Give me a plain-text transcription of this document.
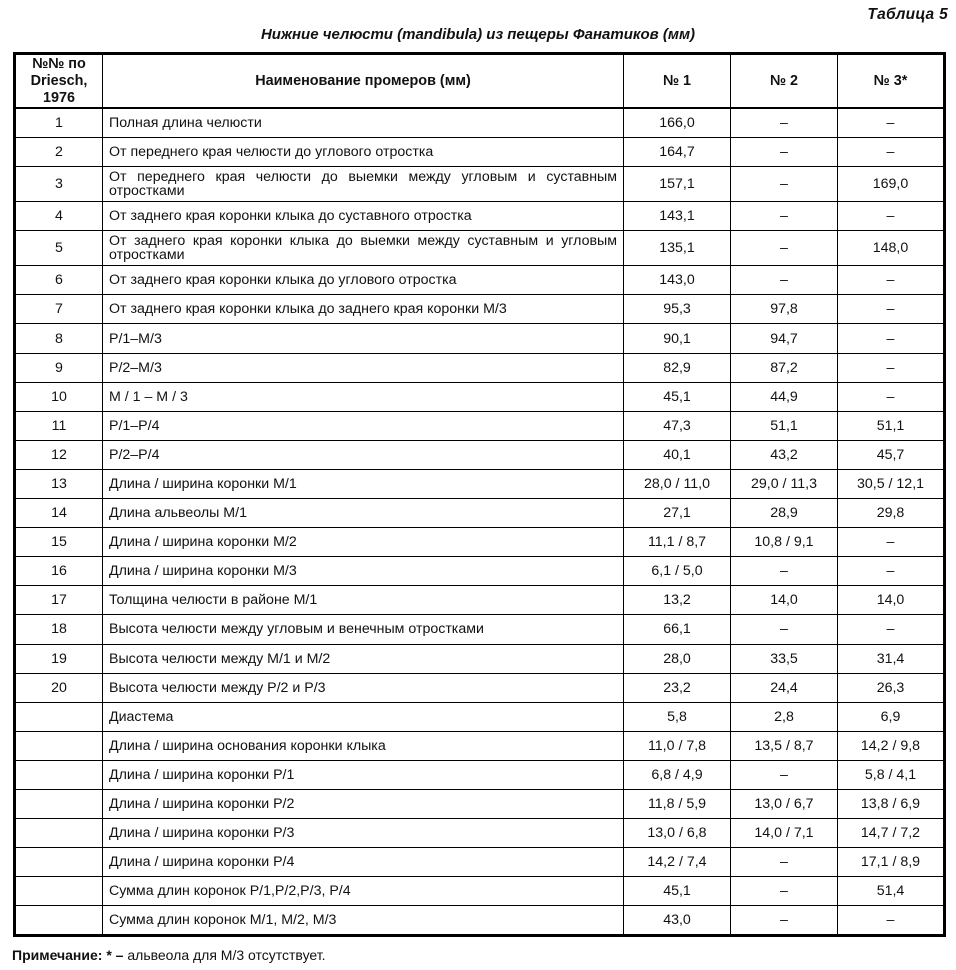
Таблица 5
Нижние челюсти (mandibula) из пещеры Фанатиков (мм)
№№ по Driesch, 1976	Наименование промеров (мм)	№ 1	№ 2	№ 3*
1	Полная длина челюсти	166,0	–	–
2	От переднего края челюсти до углового отростка	164,7	–	–
3	От переднего края челюсти до выемки между угловым и суставным отростками	157,1	–	169,0
4	От заднего края коронки клыка до суставного отростка	143,1	–	–
5	От заднего края коронки клыка до выемки между суставным и угловым отростками	135,1	–	148,0
6	От заднего края коронки клыка до углового отростка	143,0	–	–
7	От заднего края коронки клыка до заднего края коронки M/3	95,3	97,8	–
8	P/1–M/3	90,1	94,7	–
9	P/2–M/3	82,9	87,2	–
10	M / 1 – M / 3	45,1	44,9	–
11	P/1–P/4	47,3	51,1	51,1
12	P/2–P/4	40,1	43,2	45,7
13	Длина / ширина коронки M/1	28,0 / 11,0	29,0 / 11,3	30,5 / 12,1
14	Длина альвеолы M/1	27,1	28,9	29,8
15	Длина / ширина коронки M/2	11,1 / 8,7	10,8 / 9,1	–
16	Длина / ширина коронки M/3	6,1 / 5,0	–	–
17	Толщина челюсти в районе M/1	13,2	14,0	14,0
18	Высота челюсти между угловым и венечным отростками	66,1	–	–
19	Высота челюсти между M/1 и M/2	28,0	33,5	31,4
20	Высота челюсти между P/2 и P/3	23,2	24,4	26,3
	Диастема	5,8	2,8	6,9
	Длина / ширина основания коронки клыка	11,0 / 7,8	13,5 / 8,7	14,2 / 9,8
	Длина / ширина коронки P/1	6,8 / 4,9	–	5,8 / 4,1
	Длина / ширина коронки P/2	11,8 / 5,9	13,0 / 6,7	13,8 / 6,9
	Длина / ширина коронки P/3	13,0 / 6,8	14,0 / 7,1	14,7 / 7,2
	Длина / ширина коронки P/4	14,2 / 7,4	–	17,1 / 8,9
	Сумма длин коронок P/1,P/2,P/3, P/4	45,1	–	51,4
	Сумма длин коронок M/1, M/2, M/3	43,0	–	–
Примечание: * – альвеола для M/3 отсутствует.
